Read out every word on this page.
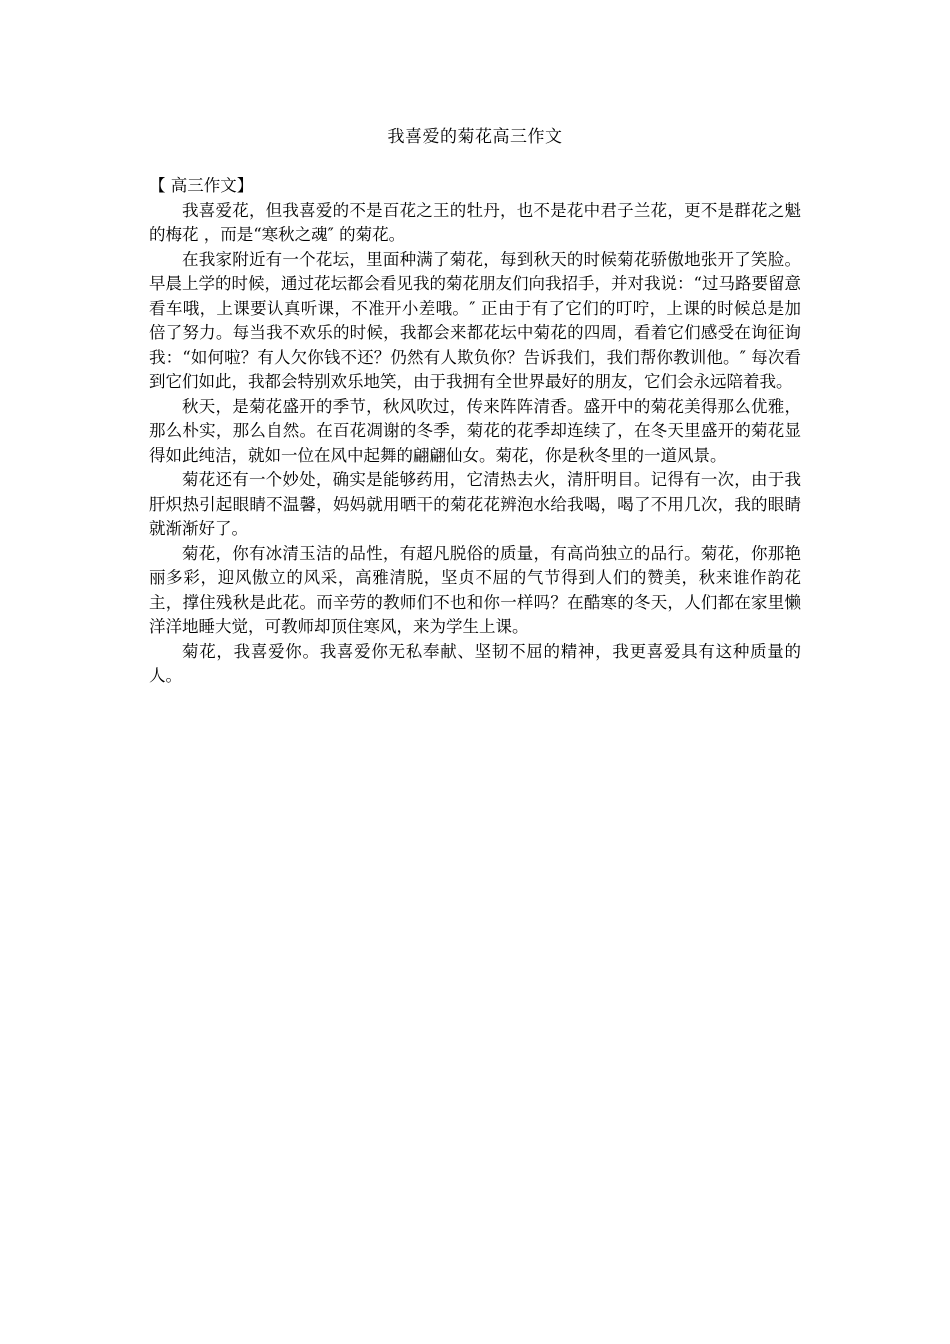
我喜爱的菊花高三作文

【 高三作文】

我喜爱花，但我喜爱的不是百花之王的牡丹，也不是花中君子兰花，更不是群花之魁的梅花 ，而是“寒秋之魂″ 的菊花。

在我家附近有一个花坛，里面种满了菊花，每到秋天的时候菊花骄傲地张开了笑脸。早晨上学的时候，通过花坛都会看见我的菊花朋友们向我招手，并对我说：“过马路要留意看车哦，上课要认真听课，不准开小差哦。″ 正由于有了它们的叮咛，上课的时候总是加倍了努力。每当我不欢乐的时候，我都会来都花坛中菊花的四周，看着它们感受在询征询我：“如何啦？有人欠你钱不还？仍然有人欺负你？告诉我们，我们帮你教训他。″ 每次看到它们如此，我都会特别欢乐地笑，由于我拥有全世界最好的朋友，它们会永远陪着我。

秋天，是菊花盛开的季节，秋风吹过，传来阵阵清香。盛开中的菊花美得那么优雅，那么朴实，那么自然。在百花凋谢的冬季，菊花的花季却连续了，在冬天里盛开的菊花显得如此纯洁，就如一位在风中起舞的翩翩仙女。菊花，你是秋冬里的一道风景。

菊花还有一个妙处，确实是能够药用，它清热去火，清肝明目。记得有一次，由于我肝炽热引起眼睛不温馨，妈妈就用晒干的菊花花辨泡水给我喝，喝了不用几次，我的眼睛就渐渐好了。

菊花，你有冰清玉洁的品性，有超凡脱俗的质量，有高尚独立的品行。菊花，你那艳丽多彩，迎风傲立的风采，高雅清脱，坚贞不屈的气节得到人们的赞美，秋来谁作韵花主，撑住残秋是此花。而辛劳的教师们不也和你一样吗？在酷寒的冬天，人们都在家里懒洋洋地睡大觉，可教师却顶住寒风，来为学生上课。

菊花，我喜爱你。我喜爱你无私奉献、坚韧不屈的精神，我更喜爱具有这种质量的人。
